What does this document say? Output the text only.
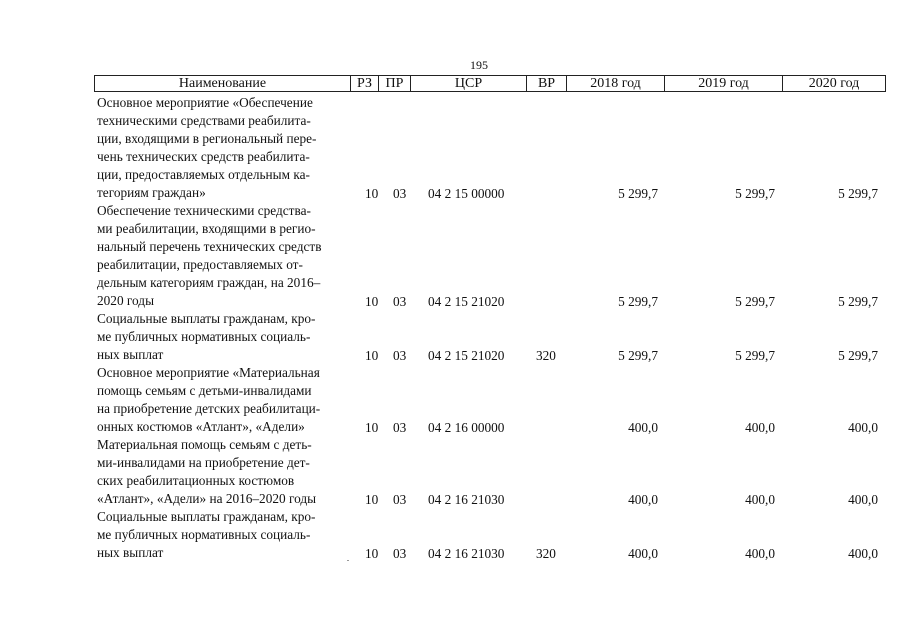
195
Наименование	РЗ ПР	ЦСР	ВР	2018 год	2019 год	2020 год
Основное мероприятие «Обеспечение
техническими средствами реабилита-
ции, входящими в региональный пере-
чень технических средств реабилита-
ции, предоставляемых отдельным ка-
тегориям граждан»	10 03 04 2 15 00000	5 299,7	5 299,7	5 299,7
Обеспечение техническими средства-
ми реабилитации, входящими в регио-
нальный перечень технических средств
реабилитации, предоставляемых от-
дельным категориям граждан, на 2016–
2020 годы	10 03 04 2 15 21020	5 299,7	5 299,7	5 299,7
Социальные выплаты гражданам, кро-
ме публичных нормативных социаль-
ных выплат	10 03 04 2 15 21020 320	5 299,7	5 299,7	5 299,7
Основное мероприятие «Материальная
помощь семьям с детьми-инвалидами
на приобретение детских реабилитаци-
онных костюмов «Атлант», «Адели»	10 03 04 2 16 00000	400,0	400,0	400,0
Материальная помощь семьям с деть-
ми-инвалидами на приобретение дет-
ских реабилитационных костюмов
«Атлант», «Адели» на 2016–2020 годы	10 03 04 2 16 21030	400,0	400,0	400,0
Социальные выплаты гражданам, кро-
ме публичных нормативных социаль-
ных выплат	10 03 04 2 16 21030 320	400,0	400,0	400,0
